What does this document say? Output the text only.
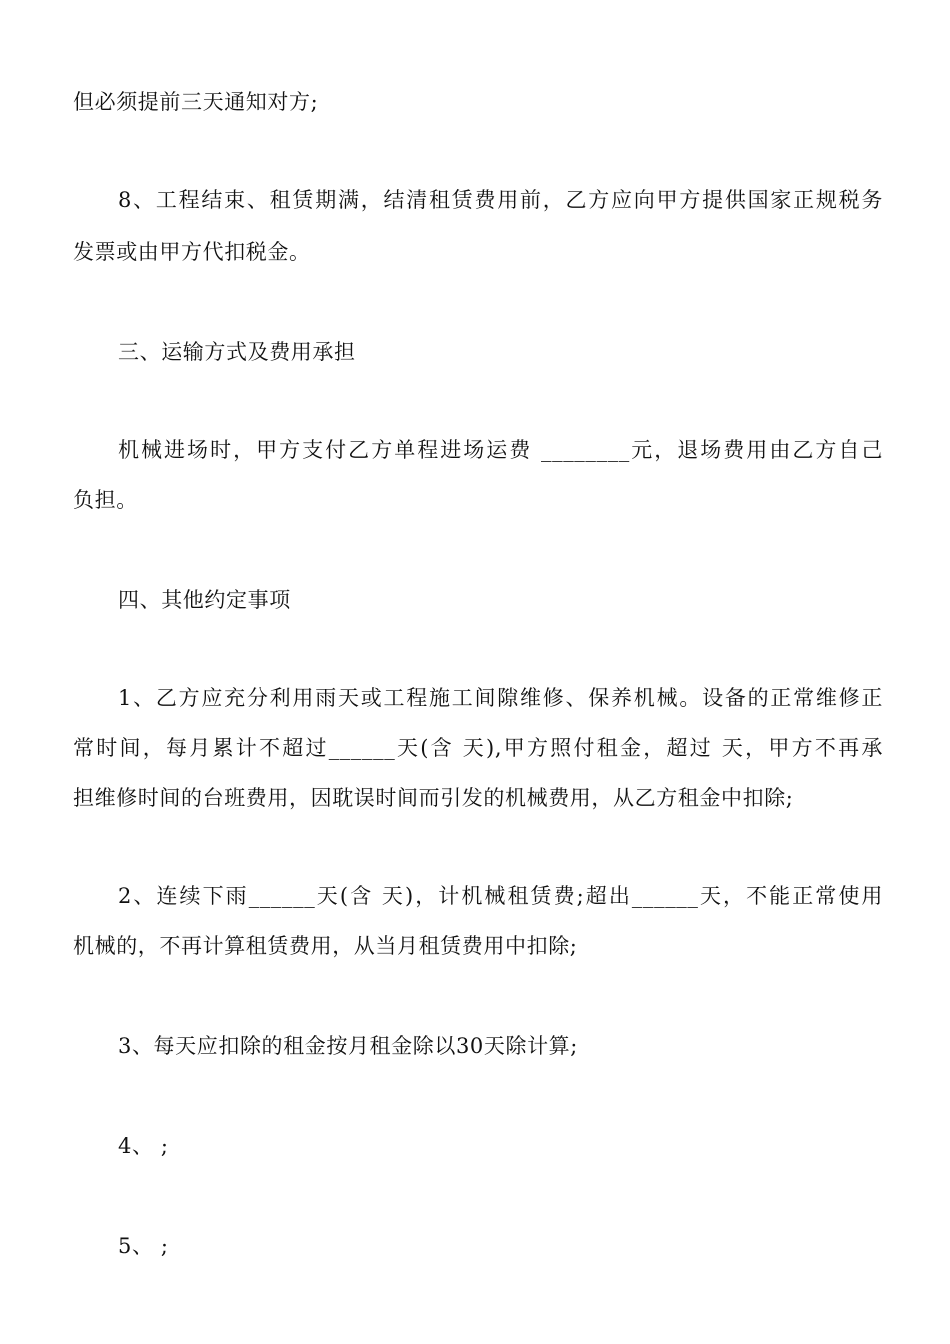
但必须提前三天通知对方;
8、工程结束、租赁期满，结清租赁费用前，乙方应向甲方提供国家正规税务
发票或由甲方代扣税金。
三、运输方式及费用承担
机械进场时，甲方支付乙方单程进场运费 ________元，退场费用由乙方自己
负担。
四、其他约定事项
1、乙方应充分利用雨天或工程施工间隙维修、保养机械。设备的正常维修正
常时间，每月累计不超过______天(含 天),甲方照付租金，超过 天，甲方不再承
担维修时间的台班费用，因耽误时间而引发的机械费用，从乙方租金中扣除;
2、连续下雨______天(含 天)，计机械租赁费;超出______天，不能正常使用
机械的，不再计算租赁费用，从当月租赁费用中扣除;
3、每天应扣除的租金按月租金除以30天除计算;
4、 ;
5、 ;
